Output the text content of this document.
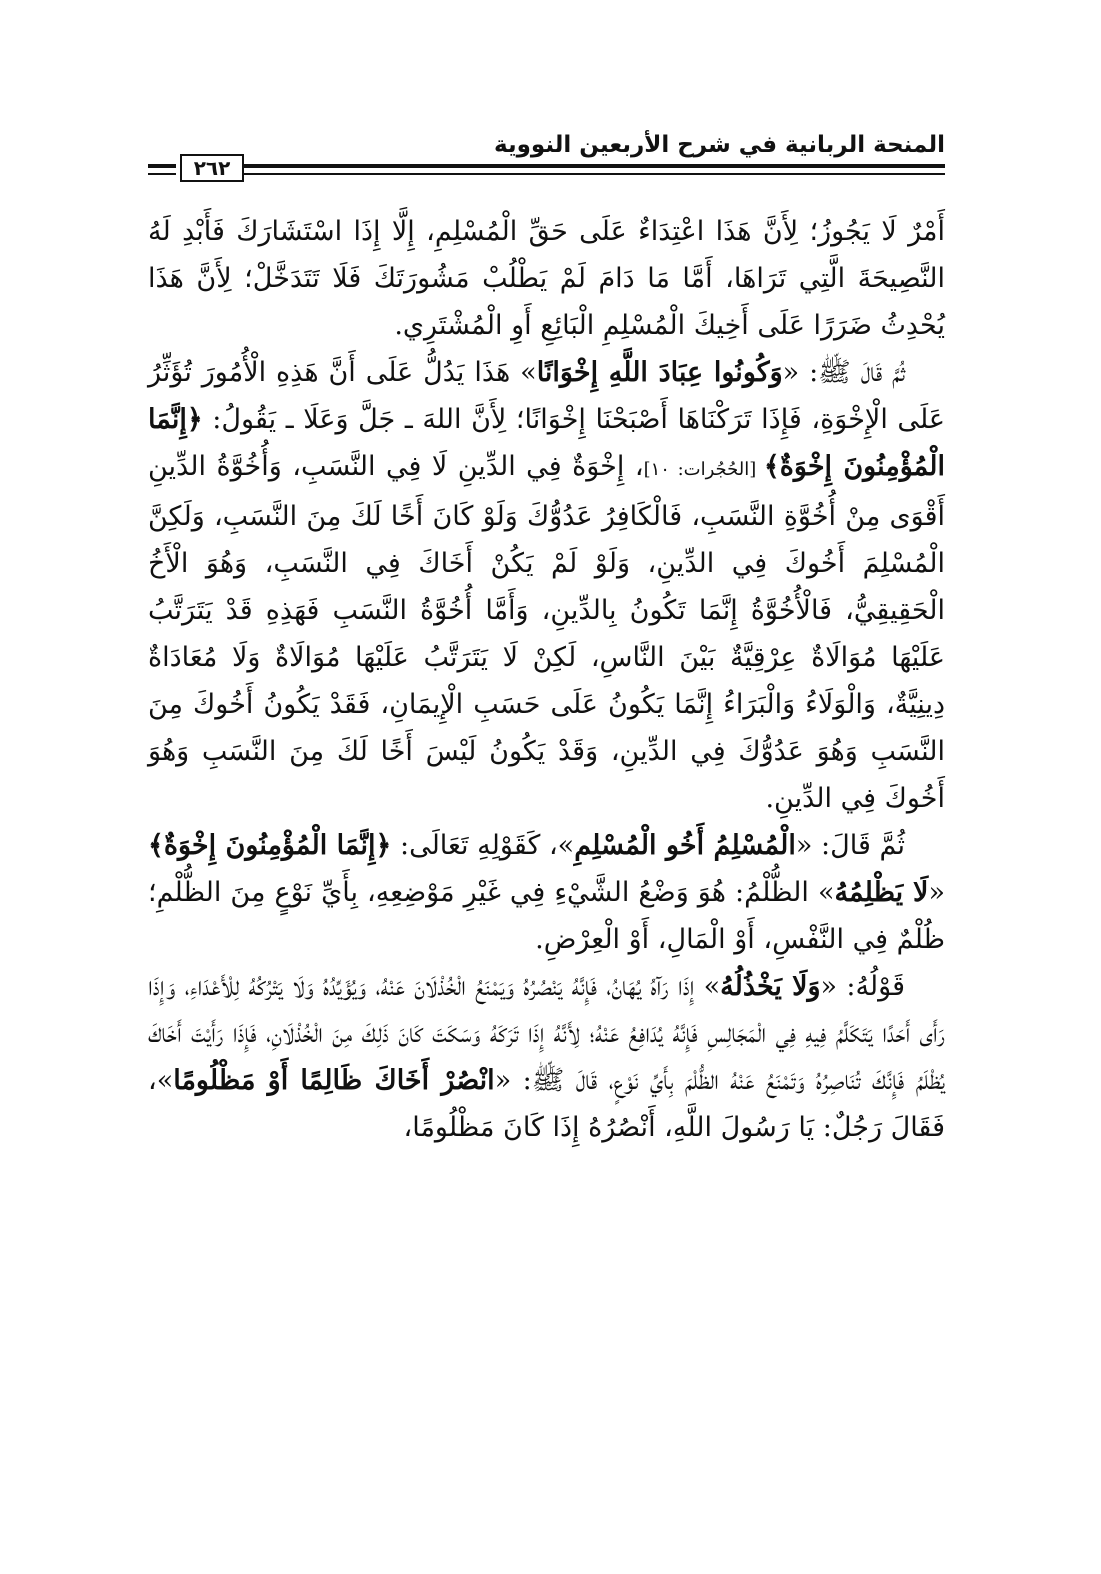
المنحة الربانية في شرح الأربعين النووية
٢٦٢

أَمْرٌ لَا يَجُوزُ؛ لِأَنَّ هَذَا اعْتِدَاءٌ عَلَى حَقِّ الْمُسْلِمِ، إِلَّا إِذَا اسْتَشَارَكَ فَأَبْدِ لَهُ النَّصِيحَةَ الَّتِي تَرَاهَا، أَمَّا مَا دَامَ لَمْ يَطْلُبْ مَشُورَتَكَ فَلَا تَتَدَخَّلْ؛ لِأَنَّ هَذَا يُحْدِثُ ضَرَرًا عَلَى أَخِيكَ الْمُسْلِمِ الْبَائِعِ أَوِ الْمُشْتَرِي.

ثُمَّ قَالَ ﷺ: «وَكُونُوا عِبَادَ اللَّهِ إِخْوَانًا» هَذَا يَدُلُّ عَلَى أَنَّ هَذِهِ الْأُمُورَ تُؤَثِّرُ عَلَى الْإِخْوَةِ، فَإِذَا تَرَكْنَاهَا أَصْبَحْنَا إِخْوَانًا؛ لِأَنَّ اللهَ ـ جَلَّ وَعَلَا ـ يَقُولُ: ﴿إِنَّمَا الْمُؤْمِنُونَ إِخْوَةٌ﴾ [الحُجُرات: ١٠]، إِخْوَةٌ فِي الدِّينِ لَا فِي النَّسَبِ، وَأُخُوَّةُ الدِّينِ أَقْوَى مِنْ أُخُوَّةِ النَّسَبِ، فَالْكَافِرُ عَدُوُّكَ وَلَوْ كَانَ أَخًا لَكَ مِنَ النَّسَبِ، وَلَكِنَّ الْمُسْلِمَ أَخُوكَ فِي الدِّينِ، وَلَوْ لَمْ يَكُنْ أَخَاكَ فِي النَّسَبِ، وَهُوَ الْأَخُ الْحَقِيقِيُّ، فَالْأُخُوَّةُ إِنَّمَا تَكُونُ بِالدِّينِ، وَأَمَّا أُخُوَّةُ النَّسَبِ فَهَذِهِ قَدْ يَتَرَتَّبُ عَلَيْهَا مُوَالَاةٌ عِرْقِيَّةٌ بَيْنَ النَّاسِ، لَكِنْ لَا يَتَرَتَّبُ عَلَيْهَا مُوَالَاةٌ وَلَا مُعَادَاةٌ دِينِيَّةٌ، وَالْوَلَاءُ وَالْبَرَاءُ إِنَّمَا يَكُونُ عَلَى حَسَبِ الْإِيمَانِ، فَقَدْ يَكُونُ أَخُوكَ مِنَ النَّسَبِ وَهُوَ عَدُوُّكَ فِي الدِّينِ، وَقَدْ يَكُونُ لَيْسَ أَخًا لَكَ مِنَ النَّسَبِ وَهُوَ أَخُوكَ فِي الدِّينِ.

ثُمَّ قَالَ: «الْمُسْلِمُ أَخُو الْمُسْلِمِ»، كَقَوْلِهِ تَعَالَى: ﴿إِنَّمَا الْمُؤْمِنُونَ إِخْوَةٌ﴾ «لَا يَظْلِمُهُ» الظُّلْمُ: هُوَ وَضْعُ الشَّيْءِ فِي غَيْرِ مَوْضِعِهِ، بِأَيِّ نَوْعٍ مِنَ الظُّلْمِ؛ ظُلْمٌ فِي النَّفْسِ، أَوْ الْمَالِ، أَوْ الْعِرْضِ.

قَوْلُهُ: «وَلَا يَخْذُلُهُ» إِذَا رَآهُ يُهَانُ، فَإِنَّهُ يَنْصُرُهُ وَيَمْنَعُ الْخُذْلَانَ عَنْهُ، وَيُؤَيِّدُهُ وَلَا يَتْرُكُهُ لِلْأَعْدَاءِ، وَإِذَا رَأَى أَحَدًا يَتَكَلَّمُ فِيهِ فِي الْمَجَالِسِ فَإِنَّهُ يُدَافِعُ عَنْهُ؛ لِأَنَّهُ إِذَا تَرَكَهُ وَسَكَتَ كَانَ ذَلِكَ مِنَ الْخُذْلَانِ، فَإِذَا رَأَيْتَ أَخَاكَ يُظْلَمُ فَإِنَّكَ تُنَاصِرُهُ وَتَمْنَعُ عَنْهُ الظُّلْمَ بِأَيِّ نَوْعٍ، قَالَ ﷺ: «انْصُرْ أَخَاكَ ظَالِمًا أَوْ مَظْلُومًا»، فَقَالَ رَجُلٌ: يَا رَسُولَ اللَّهِ، أَنْصُرُهُ إِذَا كَانَ مَظْلُومًا،
